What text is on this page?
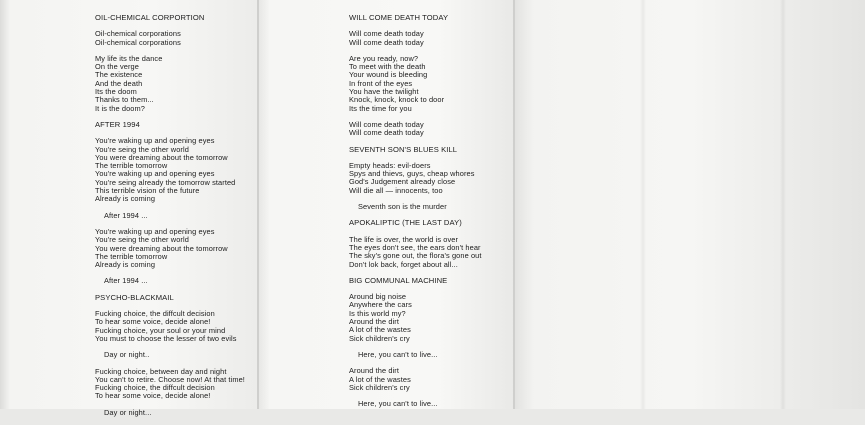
OIL-CHEMICAL CORPORTION
Oil-chemical corporations
Oil-chemical corporations
My life its the dance
On the verge
The existence
And the death
Its the doom
Thanks to them...
It is the doom?
AFTER 1994
You're waking up and opening eyes
You're seing the other world
You were dreaming about the tomorrow
The terrible tomorrow
You're waking up and opening eyes
You're seing already the tomorrow started
This terrible vision of the future
Already is coming
After 1994 ...
You're waking up and opening eyes
You're seing the other world
You were dreaming about the tomorrow
The terrible tomorrow
Already is coming
After 1994 ...
PSYCHO-BLACKMAIL
Fucking choice, the diffcult decision
To hear some voice, decide alone!
Fucking choice, your soul or your mind
You must to choose the lesser of two evils
Day or night..
Fucking choice, between day and night
You can't to retire. Choose now! At that time!
Fucking choice, the diffcult decision
To hear some voice, decide alone!
Day or night...
WILL COME DEATH TODAY
Will come death today
Will come death today
Are you ready, now?
To meet with the death
Your wound is bleeding
In front of the eyes
You have the twilight
Knock, knock, knock to door
Its the time for you
Will come death today
Will come death today
SEVENTH SON'S BLUES KILL
Empty heads: evil-doers
Spys and thievs, guys, cheap whores
God's Judgement already close
Will die all — innocents, too
Seventh son is the murder
APOKALIPTIC (THE LAST DAY)
The life is over, the world is over
The eyes don't see, the ears don't hear
The sky's gone out, the flora's gone out
Don't lok back, forget about all...
BIG COMMUNAL MACHINE
Around big noise
Anywhere the cars
Is this world my?
Around the dirt
A lot of the wastes
Sick children's cry
Here, you can't to live...
Around the dirt
A lot of the wastes
Sick children's cry
Here, you can't to live...
